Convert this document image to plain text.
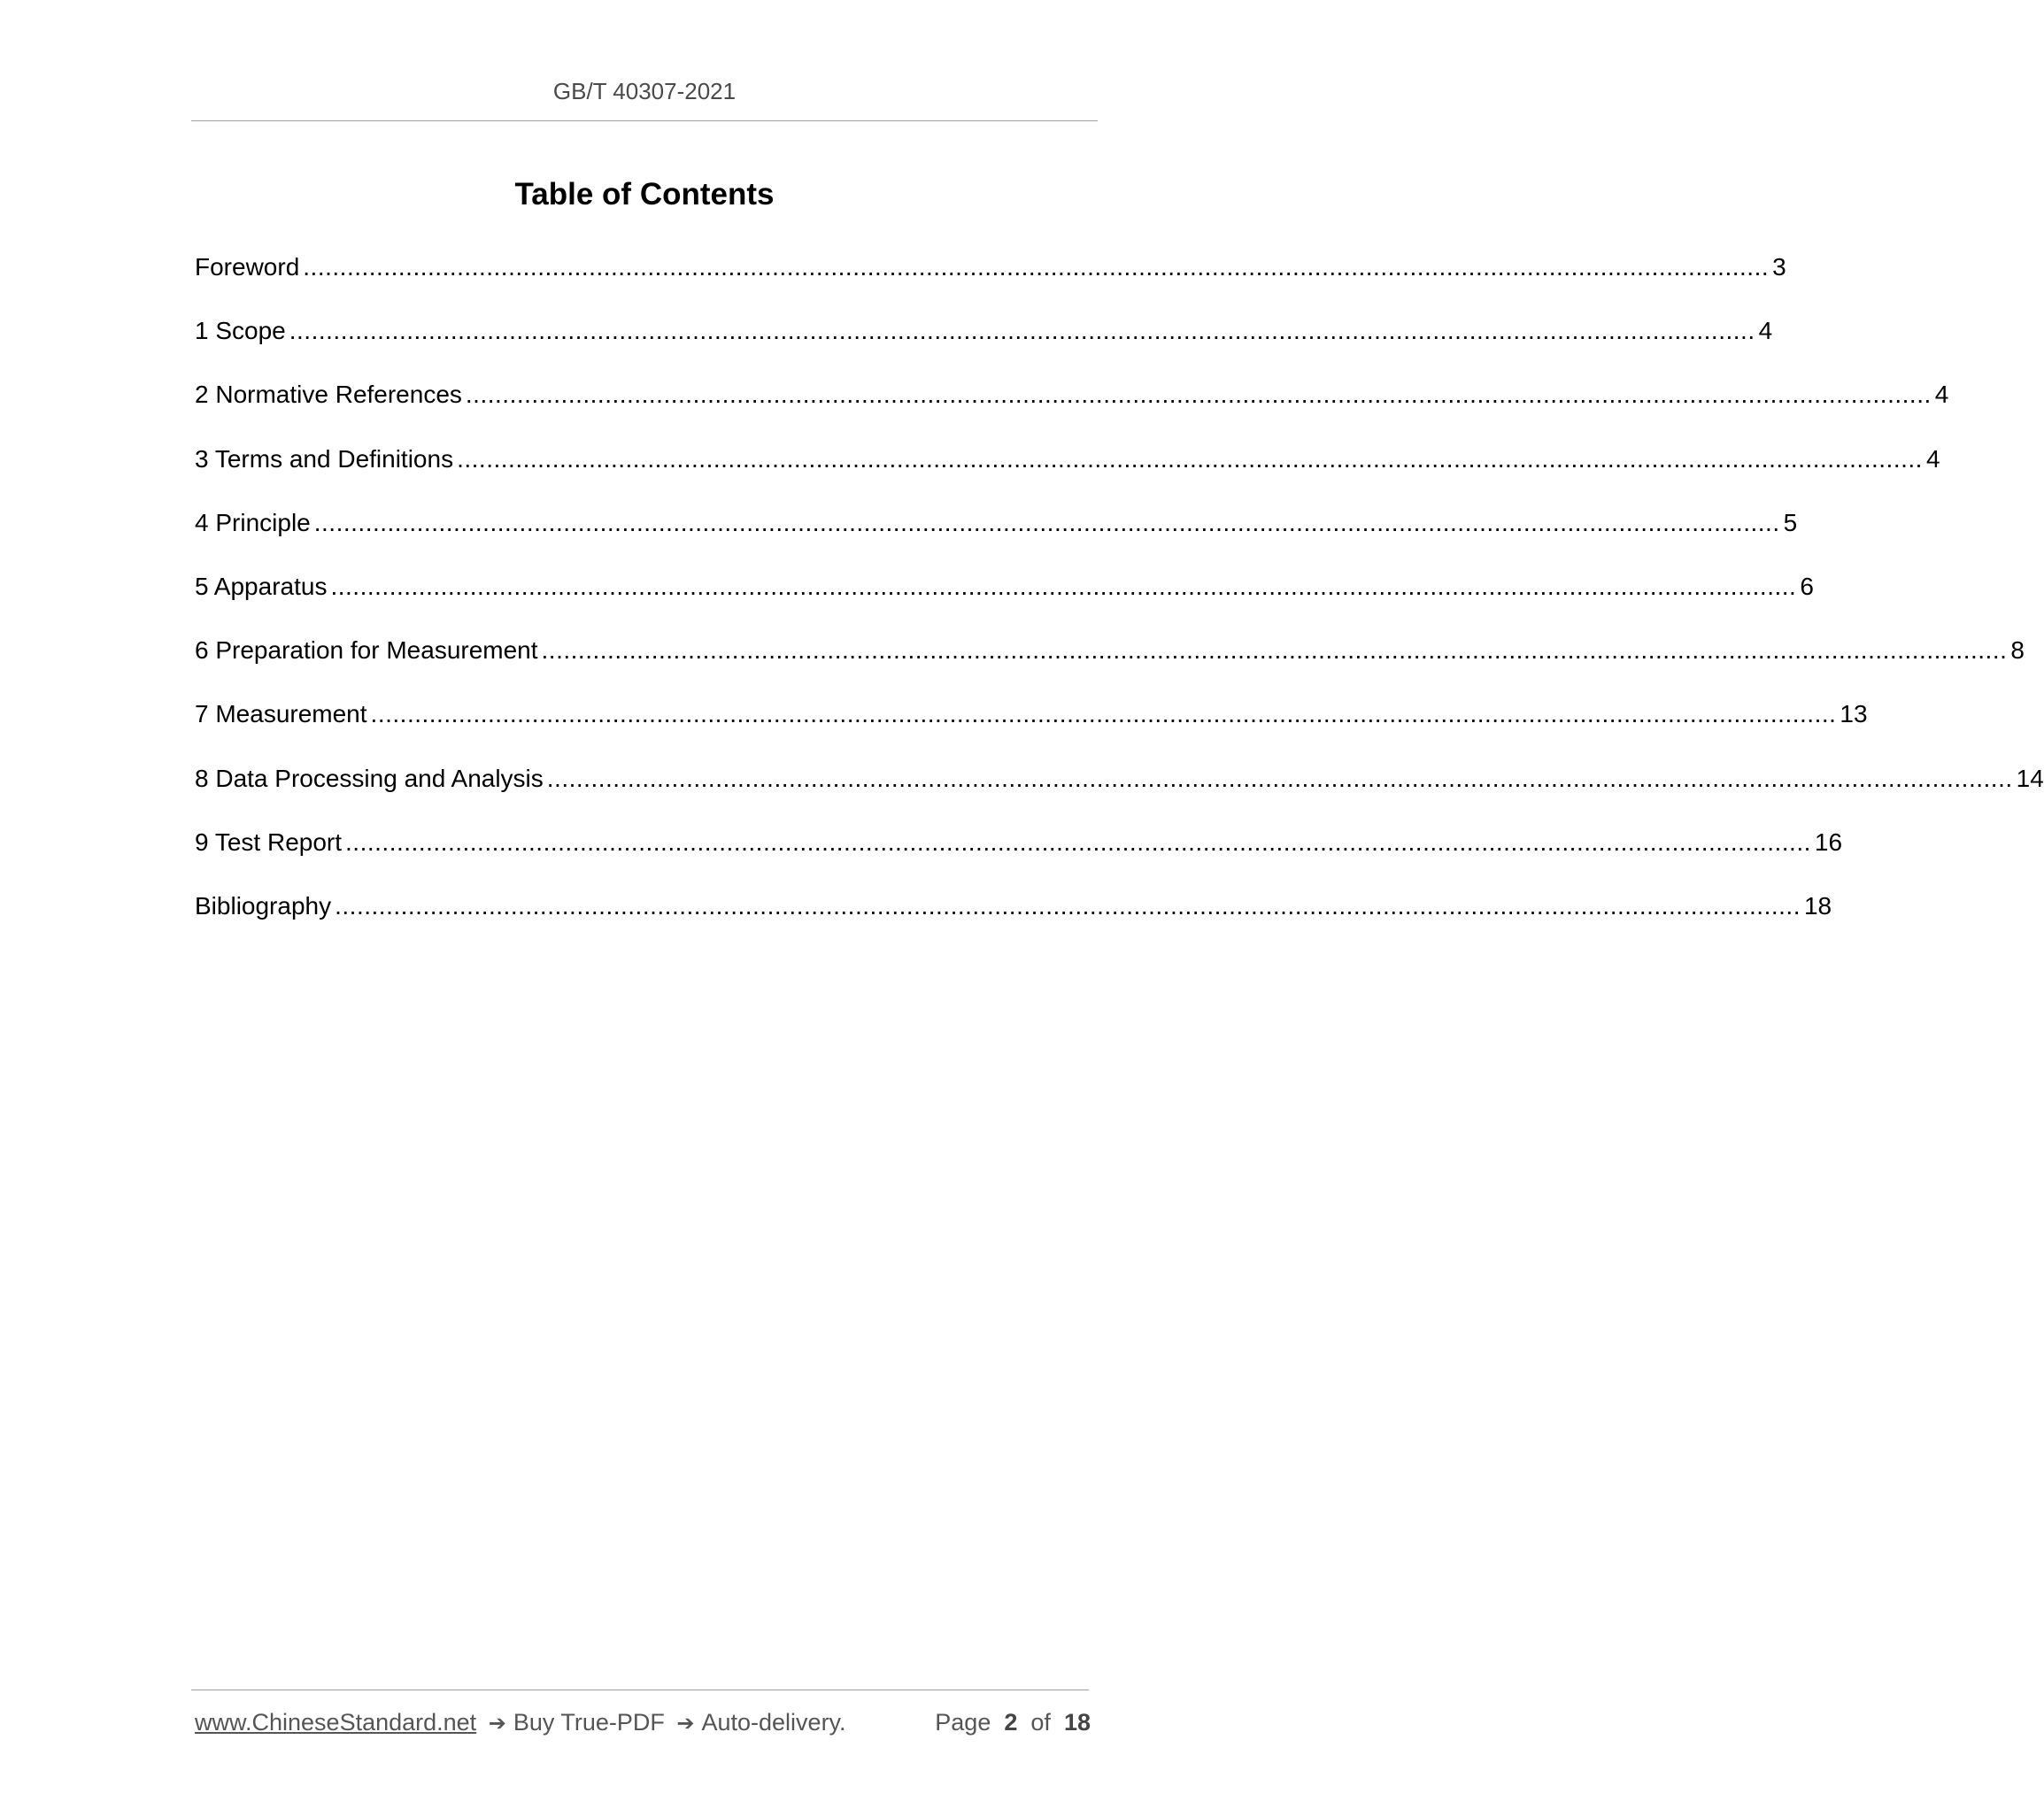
GB/T 40307-2021
Table of Contents
Foreword ........................................................................................................................................................................................................ 3
1 Scope ........................................................................................................................................................................................................ 4
2 Normative References ........................................................................................................................................................................................................ 4
3 Terms and Definitions ........................................................................................................................................................................................................ 4
4 Principle ........................................................................................................................................................................................................ 5
5 Apparatus ........................................................................................................................................................................................................ 6
6 Preparation for Measurement ........................................................................................................................................................................................................ 8
7 Measurement ........................................................................................................................................................................................................ 13
8 Data Processing and Analysis ........................................................................................................................................................................................................ 14
9 Test Report ........................................................................................................................................................................................................ 16
Bibliography ........................................................................................................................................................................................................ 18
www.ChineseStandard.net ➔ Buy True-PDF ➔ Auto-delivery.	Page 2 of 18
